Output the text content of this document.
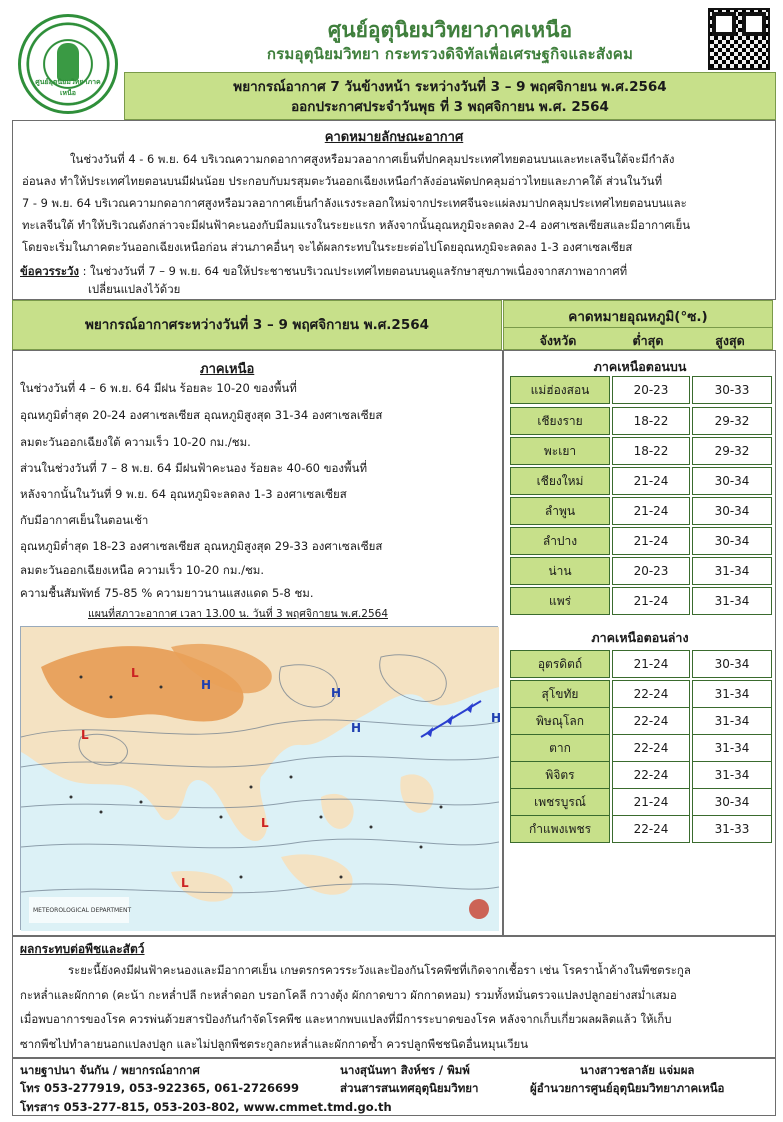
ศูนย์อุตุนิยมวิทยาภาคเหนือ
ศูนย์อุตุนิยมวิทยาภาคเหนือ
กรมอุตุนิยมวิทยา กระทรวงดิจิทัลเพื่อเศรษฐกิจและสังคม
พยากรณ์อากาศ 7 วันข้างหน้า ระหว่างวันที่ 3 – 9 พฤศจิกายน พ.ศ.2564
ออกประกาศประจำวันพุธ ที่ 3 พฤศจิกายน พ.ศ. 2564
คาดหมายลักษณะอากาศ
ในช่วงวันที่ 4 - 6 พ.ย. 64 บริเวณความกดอากาศสูงหรือมวลอากาศเย็นที่ปกคลุมประเทศไทยตอนบนและทะเลจีนใต้จะมีกำลัง
อ่อนลง ทำให้ประเทศไทยตอนบนมีฝนน้อย ประกอบกับมรสุมตะวันออกเฉียงเหนือกำลังอ่อนพัดปกคลุมอ่าวไทยและภาคใต้ ส่วนในวันที่
7 - 9 พ.ย. 64 บริเวณความกดอากาศสูงหรือมวลอากาศเย็นกำลังแรงระลอกใหม่จากประเทศจีนจะแผ่ลงมาปกคลุมประเทศไทยตอนบนและ
ทะเลจีนใต้ ทำให้บริเวณดังกล่าวจะมีฝนฟ้าคะนองกับมีลมแรงในระยะแรก หลังจากนั้นอุณหภูมิจะลดลง 2-4 องศาเซลเซียสและมีอากาศเย็น
โดยจะเริ่มในภาคตะวันออกเฉียงเหนือก่อน ส่วนภาคอื่นๆ จะได้ผลกระทบในระยะต่อไปโดยอุณหภูมิจะลดลง 1-3 องศาเซลเซียส
ข้อควรระวัง : ในช่วงวันที่ 7 – 9 พ.ย. 64 ขอให้ประชาชนบริเวณประเทศไทยตอนบนดูแลรักษาสุขภาพเนื่องจากสภาพอากาศที่
เปลี่ยนแปลงไว้ด้วย
พยากรณ์อากาศระหว่างวันที่ 3 – 9 พฤศจิกายน พ.ศ.2564	คาดหมายอุณหภูมิ(°ซ.)
จังหวัด	ต่ำสุด	สูงสุด
ภาคเหนือ
ในช่วงวันที่ 4 – 6 พ.ย. 64 มีฝน ร้อยละ 10-20 ของพื้นที่
อุณหภูมิต่ำสุด 20-24 องศาเซลเซียส อุณหภูมิสูงสุด 31-34 องศาเซลเซียส
ลมตะวันออกเฉียงใต้ ความเร็ว 10-20 กม./ชม.
ส่วนในช่วงวันที่ 7 – 8 พ.ย. 64 มีฝนฟ้าคะนอง ร้อยละ 40-60 ของพื้นที่
หลังจากนั้นในวันที่ 9 พ.ย. 64 อุณหภูมิจะลดลง 1-3 องศาเซลเซียส
กับมีอากาศเย็นในตอนเช้า
อุณหภูมิต่ำสุด 18-23 องศาเซลเซียส อุณหภูมิสูงสุด 29-33 องศาเซลเซียส
ลมตะวันออกเฉียงเหนือ ความเร็ว 10-20 กม./ชม.
ความชื้นสัมพัทธ์ 75-85 % ความยาวนานแสงแดด 5-8 ชม.
แผนที่สภาวะอากาศ เวลา 13.00 น. วันที่ 3 พฤศจิกายน พ.ศ.2564
H
L
H
H
L
L
L
H
METEOROLOGICAL DEPARTMENT
ภาคเหนือตอนบน
แม่ฮ่องสอน	20-23	30-33
เชียงราย	18-22	29-32
พะเยา	18-22	29-32
เชียงใหม่	21-24	30-34
ลำพูน	21-24	30-34
ลำปาง	21-24	30-34
น่าน	20-23	31-34
แพร่	21-24	31-34
ภาคเหนือตอนล่าง
อุตรดิตถ์	21-24	30-34
สุโขทัย	22-24	31-34
พิษณุโลก	22-24	31-34
ตาก	22-24	31-34
พิจิตร	22-24	31-34
เพชรบูรณ์	21-24	30-34
กำแพงเพชร	22-24	31-33
ผลกระทบต่อพืชและสัตว์
ระยะนี้ยังคงมีฝนฟ้าคะนองและมีอากาศเย็น เกษตรกรควรระวังและป้องกันโรคพืชที่เกิดจากเชื้อรา เช่น โรคราน้ำค้างในพืชตระกูล
กะหล่ำและผักกาด (คะน้า กะหล่ำปลี กะหล่ำดอก บรอกโคลี กวางตุ้ง ผักกาดขาว ผักกาดหอม) รวมทั้งหมั่นตรวจแปลงปลูกอย่างสม่ำเสมอ
เมื่อพบอาการของโรค ควรพ่นด้วยสารป้องกันกำจัดโรคพืช และหากพบแปลงที่มีการระบาดของโรค หลังจากเก็บเกี่ยวผลผลิตแล้ว ให้เก็บ
ซากพืชไปทำลายนอกแปลงปลูก และไม่ปลูกพืชตระกูลกะหล่ำและผักกาดซ้ำ ควรปลูกพืชชนิดอื่นหมุนเวียน
นายฐาปนา จันกัน / พยากรณ์อากาศ
โทร 053-277919, 053-922365, 061-2726699
โทรสาร 053-277-815, 053-203-802, www.cmmet.tmd.go.th
นางสุนันทา สิงห์ชร / พิมพ์
ส่วนสารสนเทศอุตุนิยมวิทยา
นางสาวชลาลัย แจ่มผล
ผู้อำนวยการศูนย์อุตุนิยมวิทยาภาคเหนือ
